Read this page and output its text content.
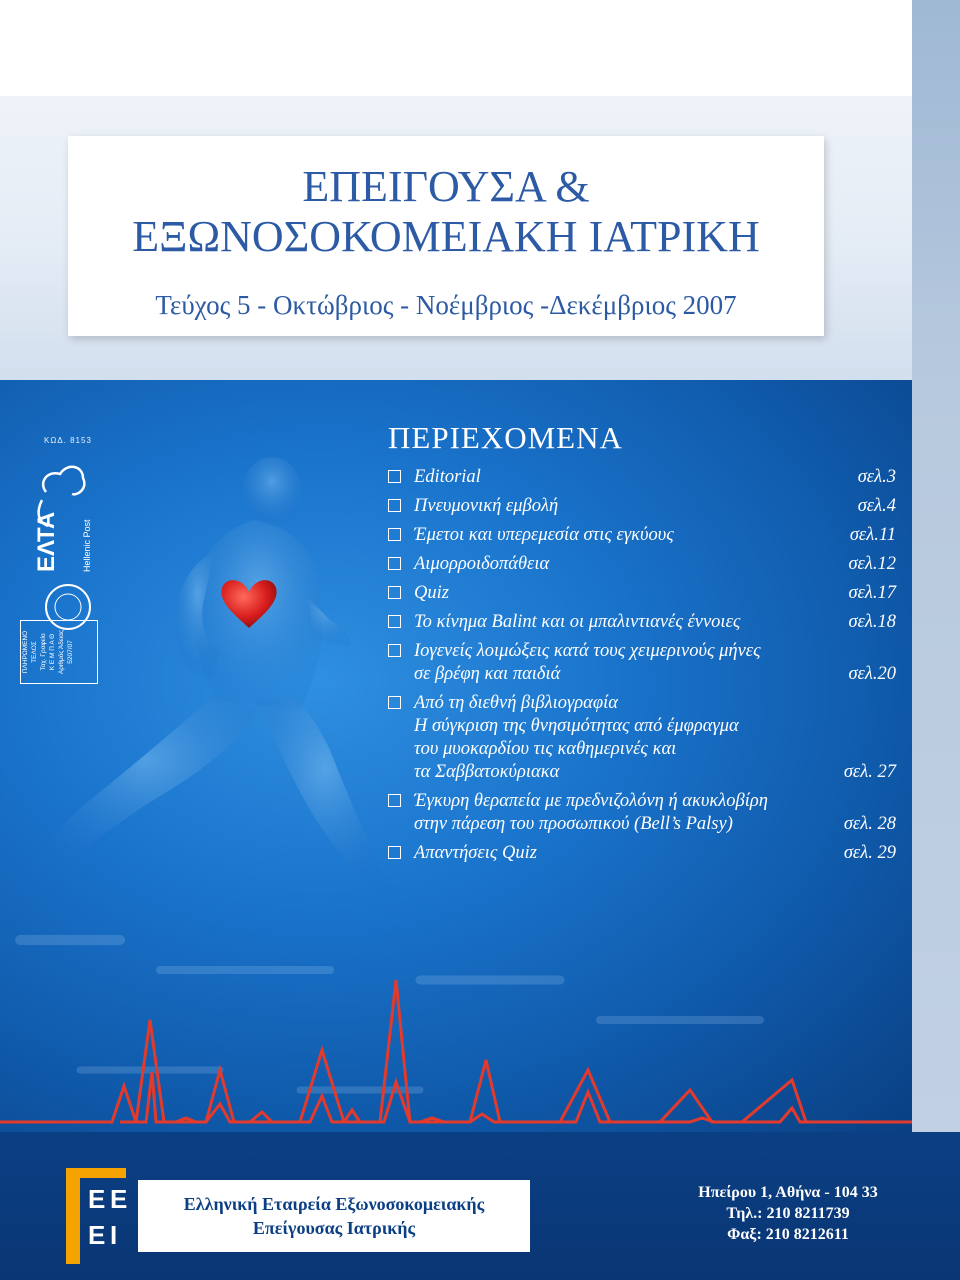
ΕΠΕΙΓΟΥΣΑ &

ΕΞΩΝΟΣΟΚΟΜΕΙΑΚΗ ΙΑΤΡΙΚΗ

Τεύχος 5 - Οκτώβριος - Νοέμβριος -Δεκέμβριος 2007
ΠΕΡΙΕΧΟΜΕΝΑ
Editorial	σελ.3
Πνευμονική εμβολή	σελ.4
Έμετοι και υπερεμεσία στις εγκύους	σελ.11
Αιμορροιδοπάθεια	σελ.12
Quiz	σελ.17
Το κίνημα Balint και οι μπαλιντιανές έννοιες	σελ.18
Ιογενείς λοιμώξεις κατά τους χειμερινούς μήνες
σε βρέφη και παιδιά	σελ.20
Από τη διεθνή βιβλιογραφία
Η σύγκριση της θνησιμότητας από έμφραγμα
του μυοκαρδίου τις καθημερινές και
τα Σαββατοκύριακα	σελ. 27
Έγκυρη θεραπεία με πρεδνιζολόνη ή ακυκλοβίρη
στην πάρεση του προσωπικού (Bell’s Palsy)	σελ. 28
Απαντήσεις Quiz	σελ. 29
ΚΩΔ. 8153
ΕΛΤΑ Hellenic Post
ΠΛΗΡΩΜΕΝΟ ΤΕΛΟΣ Ταχ. Γραφείο Κ Ε Μ Π Α Θ Αριθμός Άδειας 5207/07
Ε Ε
Ε Ι
Ελληνική Εταιρεία Εξωνοσοκομειακής
Επείγουσας Ιατρικής
Ηπείρου 1, Αθήνα - 104 33
Τηλ.: 210 8211739
Φαξ: 210 8212611
